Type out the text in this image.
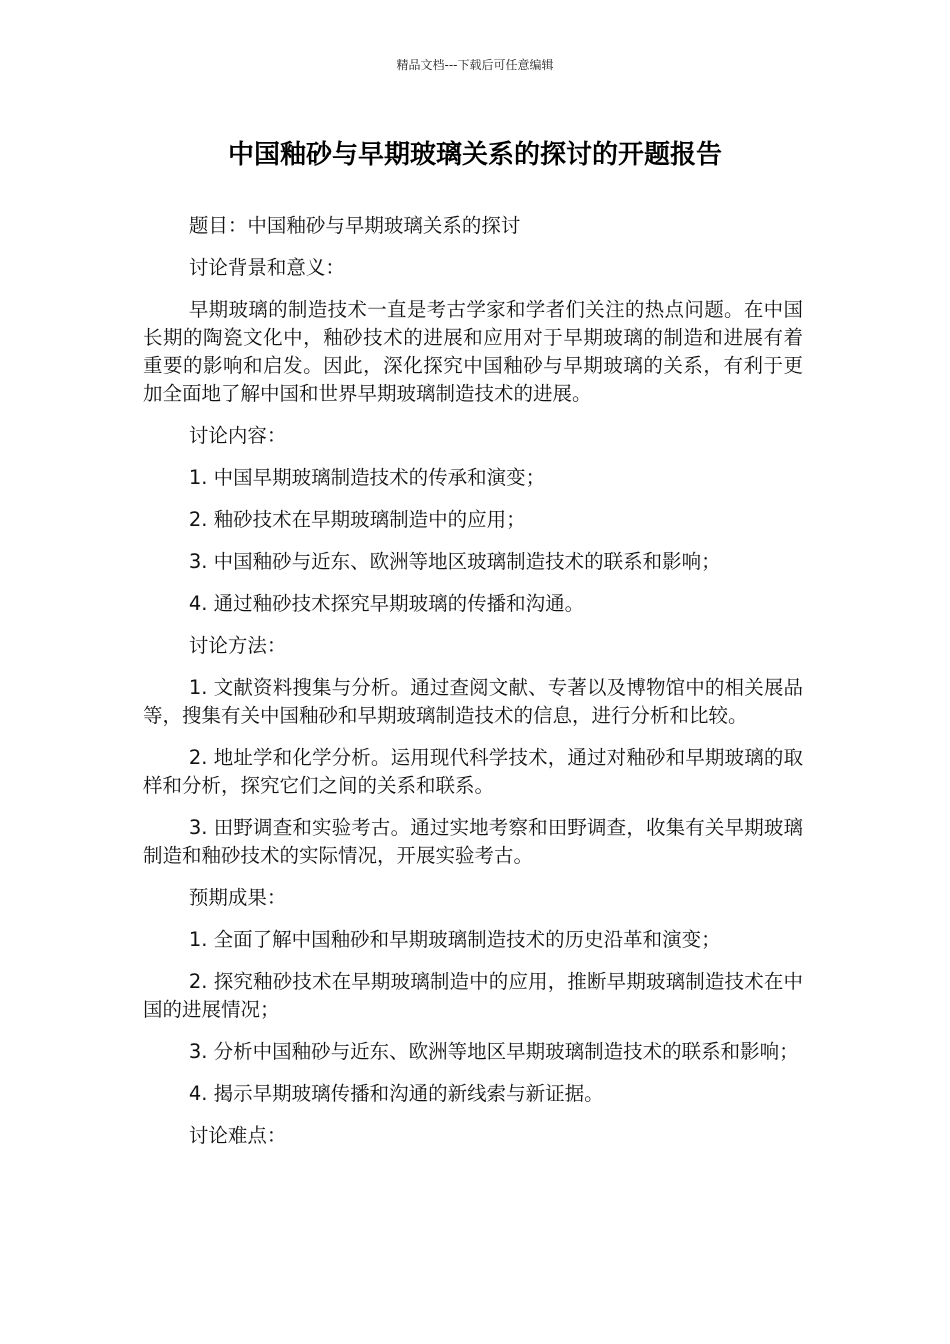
精品文档---下载后可任意编辑
中国釉砂与早期玻璃关系的探讨的开题报告

题目：中国釉砂与早期玻璃关系的探讨

讨论背景和意义：

早期玻璃的制造技术一直是考古学家和学者们关注的热点问题。在中国长期的陶瓷文化中，釉砂技术的进展和应用对于早期玻璃的制造和进展有着重要的影响和启发。因此，深化探究中国釉砂与早期玻璃的关系，有利于更加全面地了解中国和世界早期玻璃制造技术的进展。

讨论内容：

1. 中国早期玻璃制造技术的传承和演变；

2. 釉砂技术在早期玻璃制造中的应用；

3. 中国釉砂与近东、欧洲等地区玻璃制造技术的联系和影响；

4. 通过釉砂技术探究早期玻璃的传播和沟通。

讨论方法：

1. 文献资料搜集与分析。通过查阅文献、专著以及博物馆中的相关展品等，搜集有关中国釉砂和早期玻璃制造技术的信息，进行分析和比较。

2. 地址学和化学分析。运用现代科学技术，通过对釉砂和早期玻璃的取样和分析，探究它们之间的关系和联系。

3. 田野调查和实验考古。通过实地考察和田野调查，收集有关早期玻璃制造和釉砂技术的实际情况，开展实验考古。

预期成果：

1. 全面了解中国釉砂和早期玻璃制造技术的历史沿革和演变；

2. 探究釉砂技术在早期玻璃制造中的应用，推断早期玻璃制造技术在中国的进展情况；

3. 分析中国釉砂与近东、欧洲等地区早期玻璃制造技术的联系和影响；

4. 揭示早期玻璃传播和沟通的新线索与新证据。

讨论难点：
